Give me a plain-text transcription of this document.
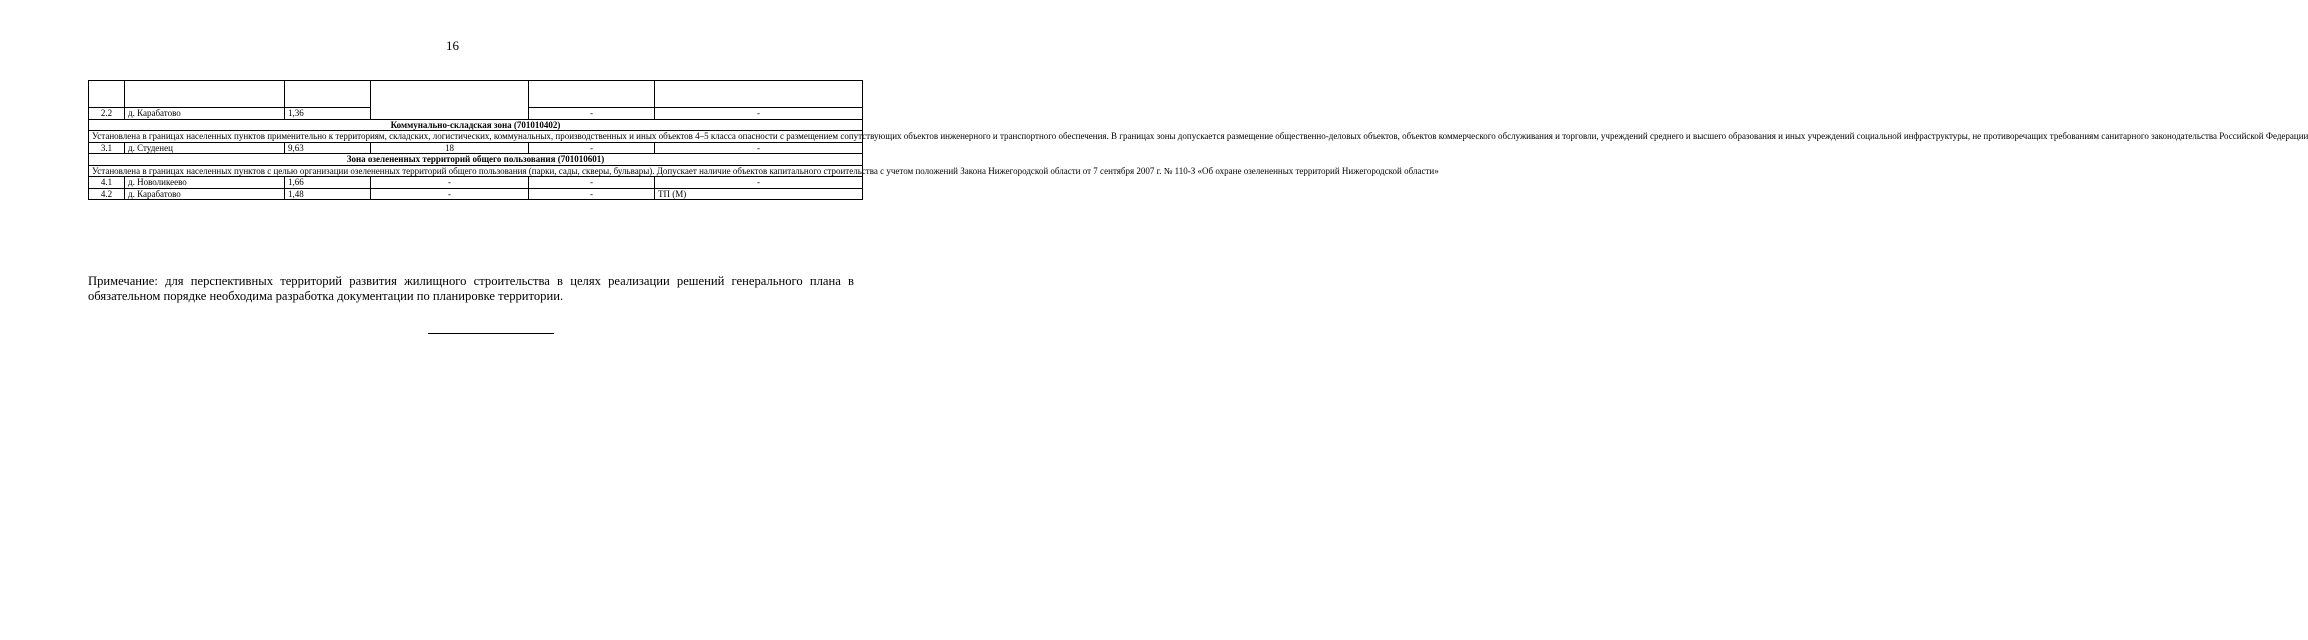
16

2.2	д. Карабатово	1,36		-	-
Коммунально-складская зона (701010402)					
Установлена в границах населенных пунктов применительно к территориям, складских, логистических, коммунальных, производственных и иных объектов 4–5 класса опасности с размещением сопутствующих объектов инженерного и транспортного обеспечения. В границах зоны допускается размещение общественно-деловых объектов, объектов коммерческого обслуживания и торговли, учреждений среднего и высшего образования и иных учреждений социальной инфраструктуры, не противоречащих требованиям санитарного законодательства Российской Федерации					
3.1	д. Студенец	9,63	18	-	-
Зона озелененных территорий общего пользования (701010601)					
Установлена в границах населенных пунктов с целью организации озелененных территорий общего пользования (парки, сады, скверы, бульвары). Допускает наличие объектов капитального строительства с учетом положений Закона Нижегородской области от 7 сентября 2007 г. № 110-З «Об охране озелененных территорий Нижегородской области»					
4.1	д. Новоликеево	1,66	-	-	-
4.2	д. Карабатово	1,48	-	-	ТП (М)
Примечание: для перспективных территорий развития жилищного строительства в целях реализации решений генерального плана в обязательном порядке необходима разработка документации по планировке территории.
